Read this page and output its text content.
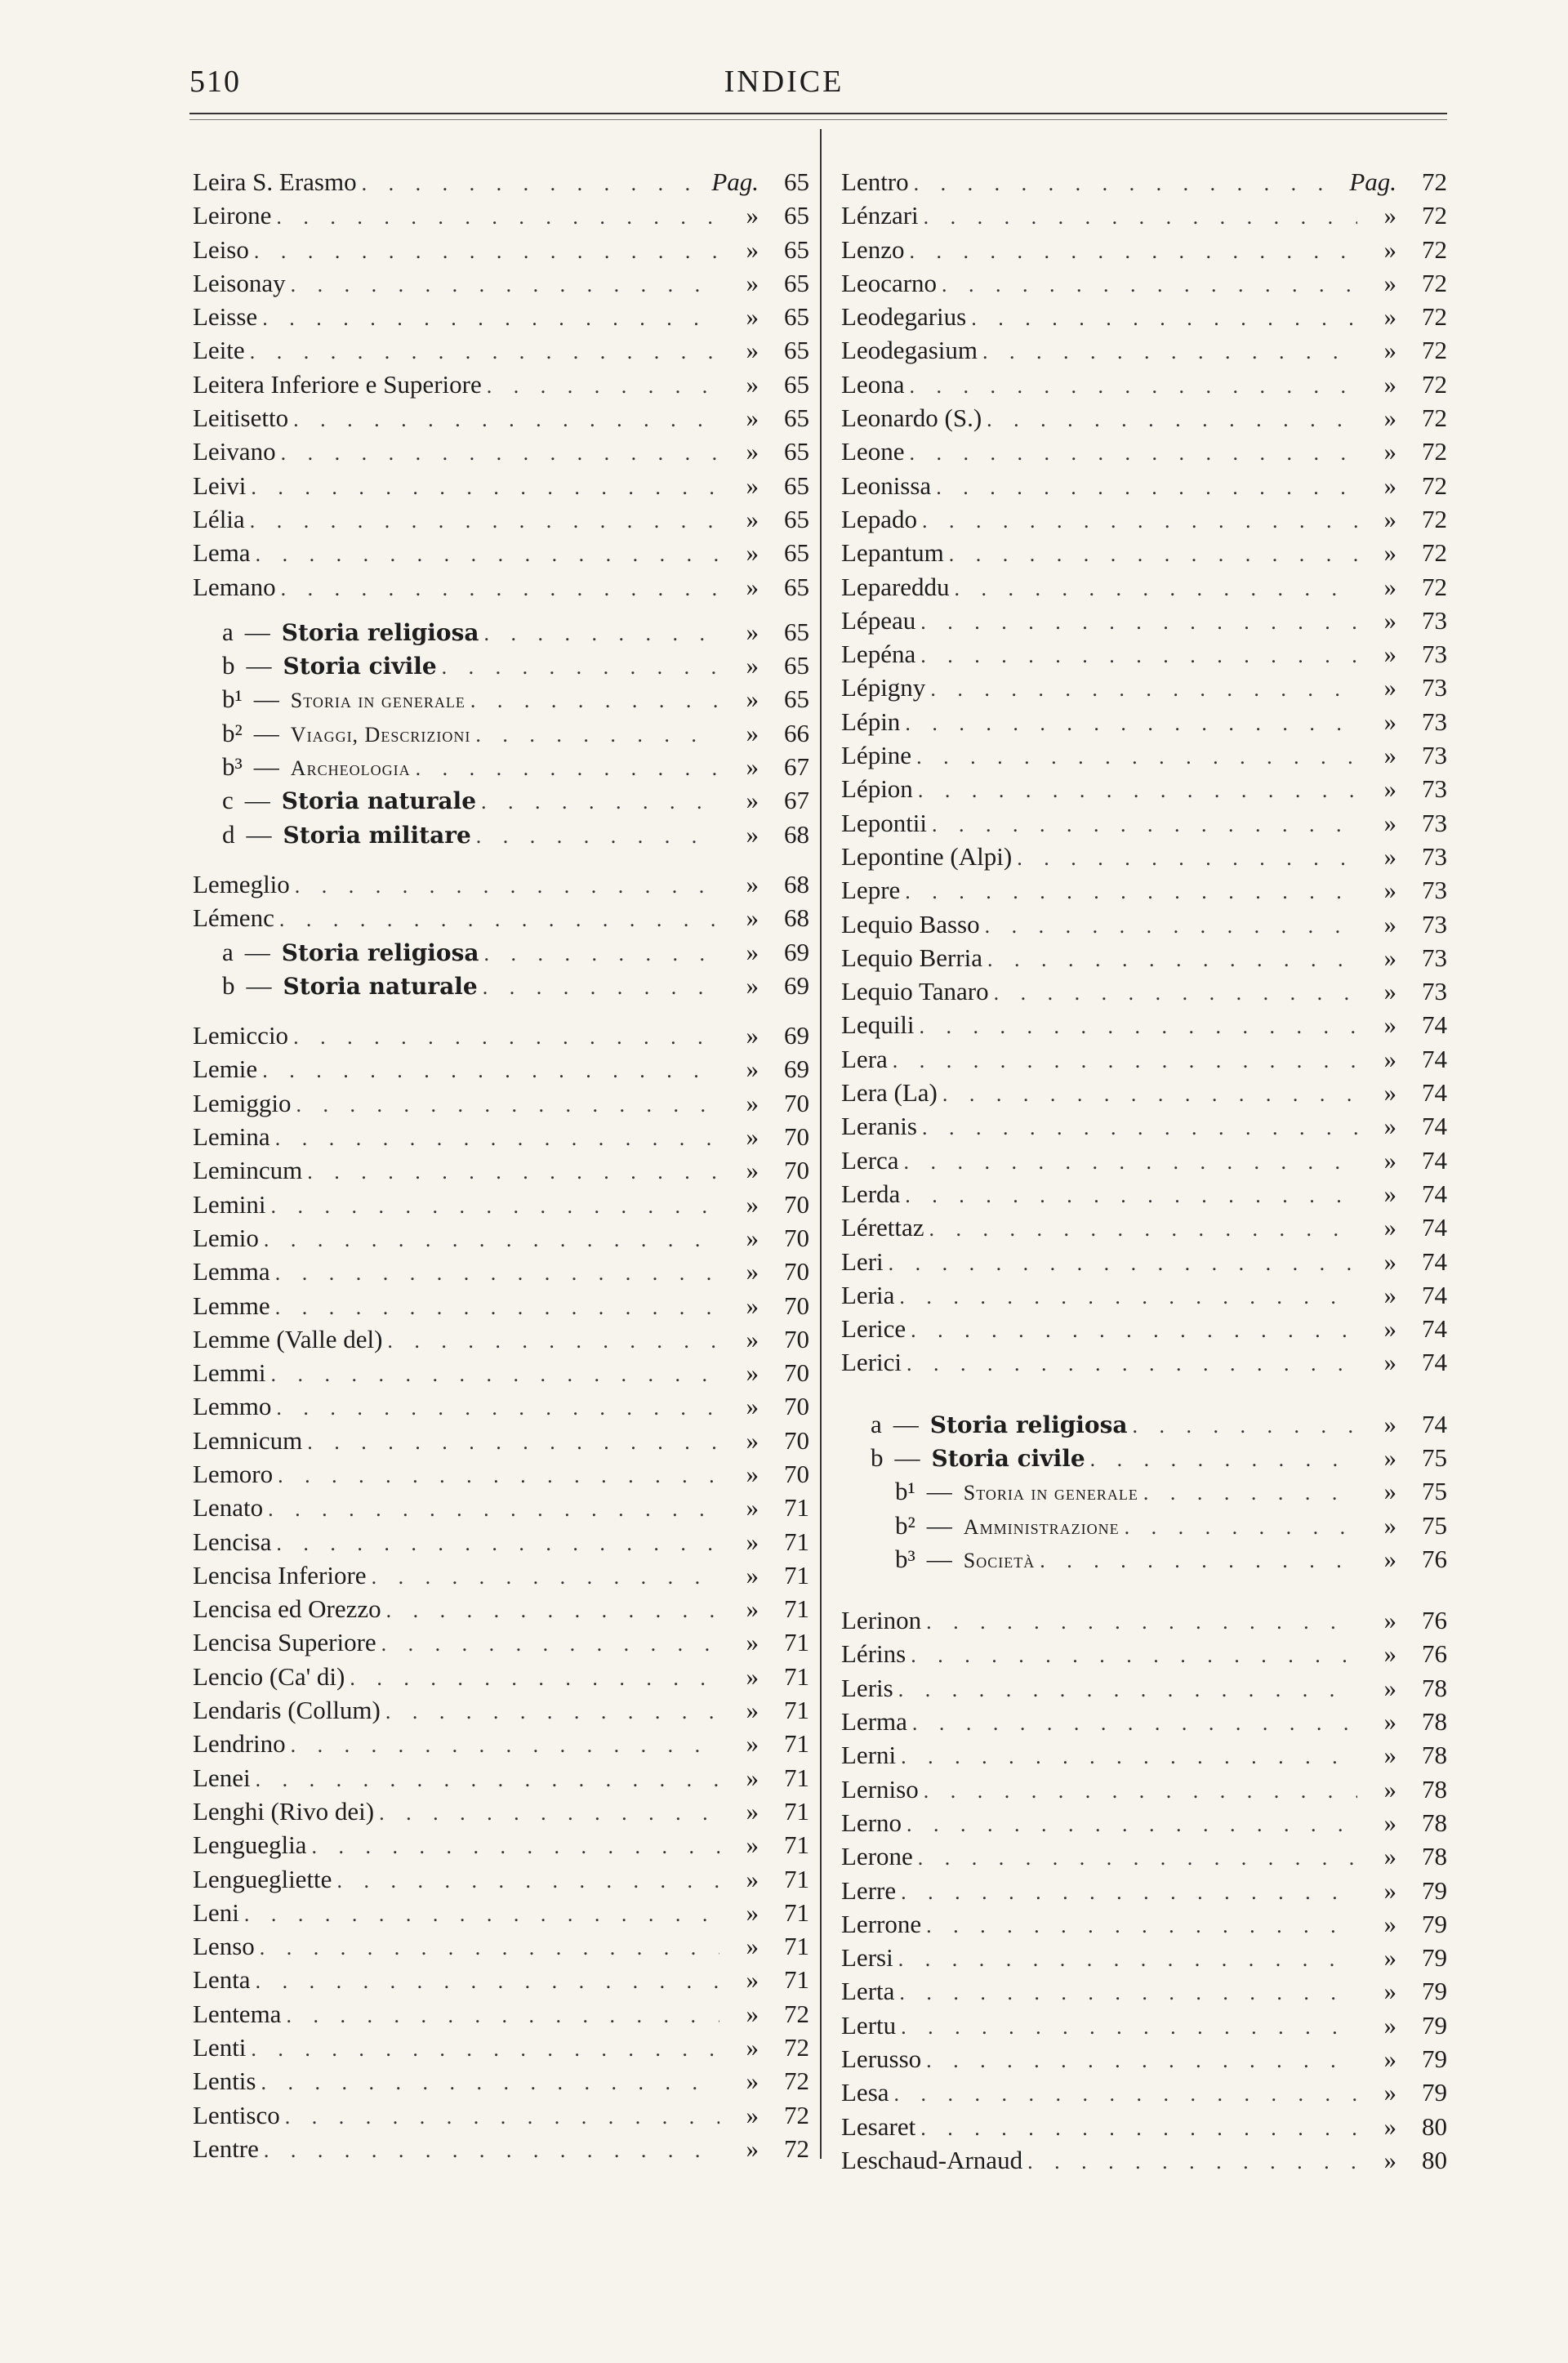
510	INDICE
Leira S. Erasmo . . .	Pag.	65
Leirone . . .	»	65
Leiso . . .	»	65
Leisonay . . .	»	65
Leisse . . .	»	65
Leite . . .	»	65
Leitera Inferiore e Superiore . . .	»	65
Leitisetto . . .	»	65
Leivano . . .	»	65
Leivi . . .	»	65
Lélia . . .	»	65
Lema . . .	»	65
Lemano . . .	»	65
a — Storia religiosa . . .	»	65
b — Storia civile . . .	»	65
b¹ — Storia in generale . . .	»	65
b² — Viaggi, Descrizioni . . .	»	66
b³ — Archeologia . . .	»	67
c — Storia naturale . . .	»	67
d — Storia militare . . .	»	68
Lemeglio . . .	»	68
Lémenc . . .	»	68
a — Storia religiosa . . .	»	69
b — Storia naturale . . .	»	69
Lemiccio . . .	»	69
Lemie . . .	»	69
Lemiggio . . .	»	70
Lemina . . .	»	70
Lemincum . . .	»	70
Lemini . . .	»	70
Lemio . . .	»	70
Lemma . . .	»	70
Lemme . . .	»	70
Lemme (Valle del) . . .	»	70
Lemmi . . .	»	70
Lemmo . . .	»	70
Lemnicum . . .	»	70
Lemoro . . .	»	70
Lenato . . .	»	71
Lencisa . . .	»	71
Lencisa Inferiore . . .	»	71
Lencisa ed Orezzo . . .	»	71
Lencisa Superiore . . .	»	71
Lencio (Ca' di) . . .	»	71
Lendaris (Collum) . . .	»	71
Lendrino . . .	»	71
Lenei . . .	»	71
Lenghi (Rivo dei) . . .	»	71
Lengueglia . . .	»	71
Lenguegliette . . .	»	71
Leni . . .	»	71
Lenso . . .	»	71
Lenta . . .	»	71
Lentema . . .	»	72
Lenti . . .	»	72
Lentis . . .	»	72
Lentisco . . .	»	72
Lentre . . .	»	72
Lentro . . .	Pag.	72
Lénzari . . .	»	72
Lenzo . . .	»	72
Leocarno . . .	»	72
Leodegarius . . .	»	72
Leodegasium . . .	»	72
Leona . . .	»	72
Leonardo (S.) . . .	»	72
Leone . . .	»	72
Leonissa . . .	»	72
Lepado . . .	»	72
Lepantum . . .	»	72
Lepareddu . . .	»	72
Lépeau . . .	»	73
Lepéna . . .	»	73
Lépigny . . .	»	73
Lépin . . .	»	73
Lépine . . .	»	73
Lépion . . .	»	73
Lepontii . . .	»	73
Lepontine (Alpi) . . .	»	73
Lepre . . .	»	73
Lequio Basso . . .	»	73
Lequio Berria . . .	»	73
Lequio Tanaro . . .	»	73
Lequili . . .	»	74
Lera . . .	»	74
Lera (La) . . .	»	74
Leranis . . .	»	74
Lerca . . .	»	74
Lerda . . .	»	74
Lérettaz . . .	»	74
Leri . . .	»	74
Leria . . .	»	74
Lerice . . .	»	74
Lerici . . .	»	74
a — Storia religiosa . . .	»	74
b — Storia civile . . .	»	75
b¹ — Storia in generale . . .	»	75
b² — Amministrazione . . .	»	75
b³ — Società . . .	»	76
Lerinon . . .	»	76
Lérins . . .	»	76
Leris . . .	»	78
Lerma . . .	»	78
Lerni . . .	»	78
Lerniso . . .	»	78
Lerno . . .	»	78
Lerone . . .	»	78
Lerre . . .	»	79
Lerrone . . .	»	79
Lersi . . .	»	79
Lerta . . .	»	79
Lertu . . .	»	79
Lerusso . . .	»	79
Lesa . . .	»	79
Lesaret . . .	»	80
Leschaud-Arnaud . . .	»	80
